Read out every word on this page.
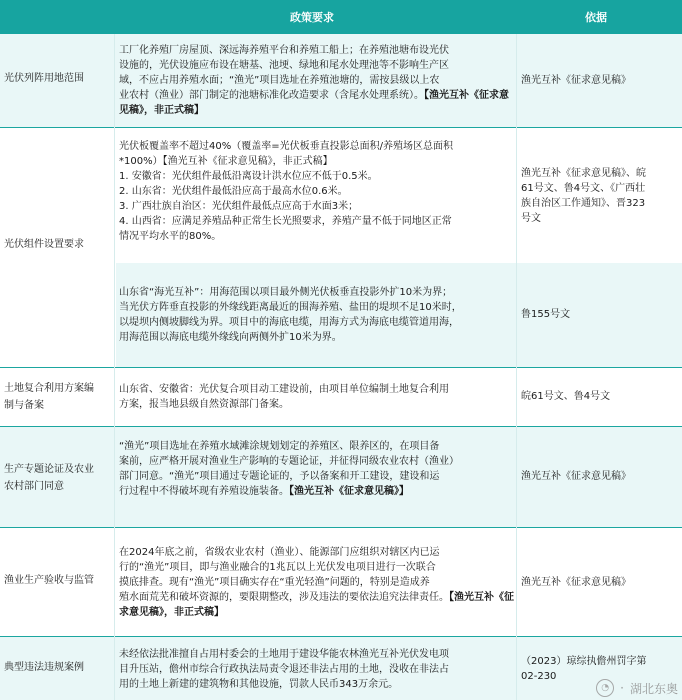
政策要求	依据
光伏列阵用地范围
工厂化养殖厂房屋顶、深远海养殖平台和养殖工船上；在养殖池塘布设光伏
设施的，光伏设施应布设在塘基、池埂、绿地和尾水处理池等不影响生产区
域，不应占用养殖水面；“渔光”项目选址在养殖池塘的，需按县级以上农
业农村（渔业）部门制定的池塘标准化改造要求（含尾水处理系统）。【渔光互补《征求意见稿》，非正式稿】
渔光互补《征求意见稿》
光伏组件设置要求
光伏板覆盖率不超过40%（覆盖率=光伏板垂直投影总面积/养殖场区总面积
*100%）【渔光互补《征求意见稿》，非正式稿】
1. 安徽省：光伏组件最低沿离设计洪水位应不低于0.5米。
2. 山东省：光伏组件最低沿应高于最高水位0.6米。
3. 广西壮族自治区：光伏组件最低点应高于水面3米；
4. 山西省：应满足养殖品种正常生长光照要求，养殖产量不低于同地区正常
情况平均水平的80%。
渔光互补《征求意见稿》、皖
61号文、鲁4号文、《广西壮
族自治区工作通知》、晋323
号文
山东省“海光互补”：用海范围以项目最外侧光伏板垂直投影外扩10米为界；
当光伏方阵垂直投影的外缘线距离最近的围海养殖、盐田的堤坝不足10米时，
以堤坝内侧坡脚线为界。项目中的海底电缆，用海方式为海底电缆管道用海，
用海范围以海底电缆外缘线向两侧外扩10米为界。
鲁155号文
土地复合利用方案编
制与备案
山东省、安徽省：光伏复合项目动工建设前，由项目单位编制土地复合利用
方案，报当地县级自然资源部门备案。
皖61号文、鲁4号文
生产专题论证及农业
农村部门同意
“渔光”项目选址在养殖水域滩涂规划划定的养殖区、限养区的，在项目备
案前，应严格开展对渔业生产影响的专题论证，并征得同级农业农村（渔业）
部门同意。“渔光”项目通过专题论证的，予以备案和开工建设，建设和运
行过程中不得破坏现有养殖设施装备。【渔光互补《征求意见稿》】
渔光互补《征求意见稿》
渔业生产验收与监管
在2024年底之前，省级农业农村（渔业）、能源部门应组织对辖区内已运
行的“渔光”项目，即与渔业融合的1兆瓦以上光伏发电项目进行一次联合
摸底排查。现有“渔光”项目确实存在“重光轻渔”问题的，特别是造成养
殖水面荒芜和破坏资源的，要限期整改，涉及违法的要依法追究法律责任。【渔光互补《征求意见稿》，非正式稿】
渔光互补《征求意见稿》
典型违法违规案例
未经依法批准擅自占用村委会的土地用于建设华能农林渔光互补光伏发电项
目升压站，儋州市综合行政执法局责令退还非法占用的土地，没收在非法占
用的土地上新建的建筑物和其他设施，罚款人民币343万余元。
（2023）琼综执儋州罚字第
02-230
◔ · 湖北东奥
